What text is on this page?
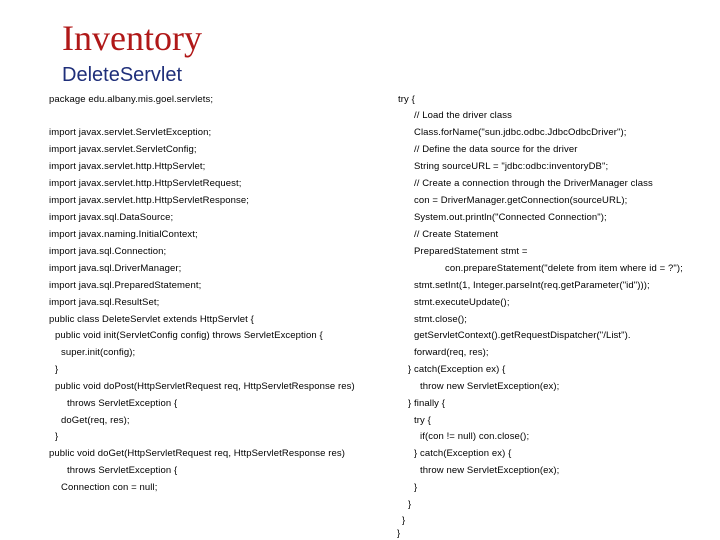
Inventory
DeleteServlet
package edu.albany.mis.goel.servlets;
import javax.servlet.ServletException;
import javax.servlet.ServletConfig;
import javax.servlet.http.HttpServlet;
import javax.servlet.http.HttpServletRequest;
import javax.servlet.http.HttpServletResponse;
import javax.sql.DataSource;
import javax.naming.InitialContext;
import java.sql.Connection;
import java.sql.DriverManager;
import java.sql.PreparedStatement;
import java.sql.ResultSet;
public class DeleteServlet extends HttpServlet {
public void init(ServletConfig config) throws ServletException {
super.init(config);
}
public void doPost(HttpServletRequest req, HttpServletResponse res)
throws ServletException {
doGet(req, res);
}
public void doGet(HttpServletRequest req, HttpServletResponse res)
throws ServletException {
Connection con = null;
try {
// Load the driver class
Class.forName("sun.jdbc.odbc.JdbcOdbcDriver");
// Define the data source for the driver
String sourceURL = "jdbc:odbc:inventoryDB";
// Create a connection through the DriverManager class
con = DriverManager.getConnection(sourceURL);
System.out.println("Connected Connection");
// Create Statement
PreparedStatement stmt =
con.prepareStatement("delete from item where id = ?");
stmt.setInt(1, Integer.parseInt(req.getParameter("id")));
stmt.executeUpdate();
stmt.close();
getServletContext().getRequestDispatcher("/List").
forward(req, res);
} catch(Exception ex) {
throw new ServletException(ex);
} finally {
try {
if(con != null) con.close();
} catch(Exception ex) {
throw new ServletException(ex);
}
}
}
}
